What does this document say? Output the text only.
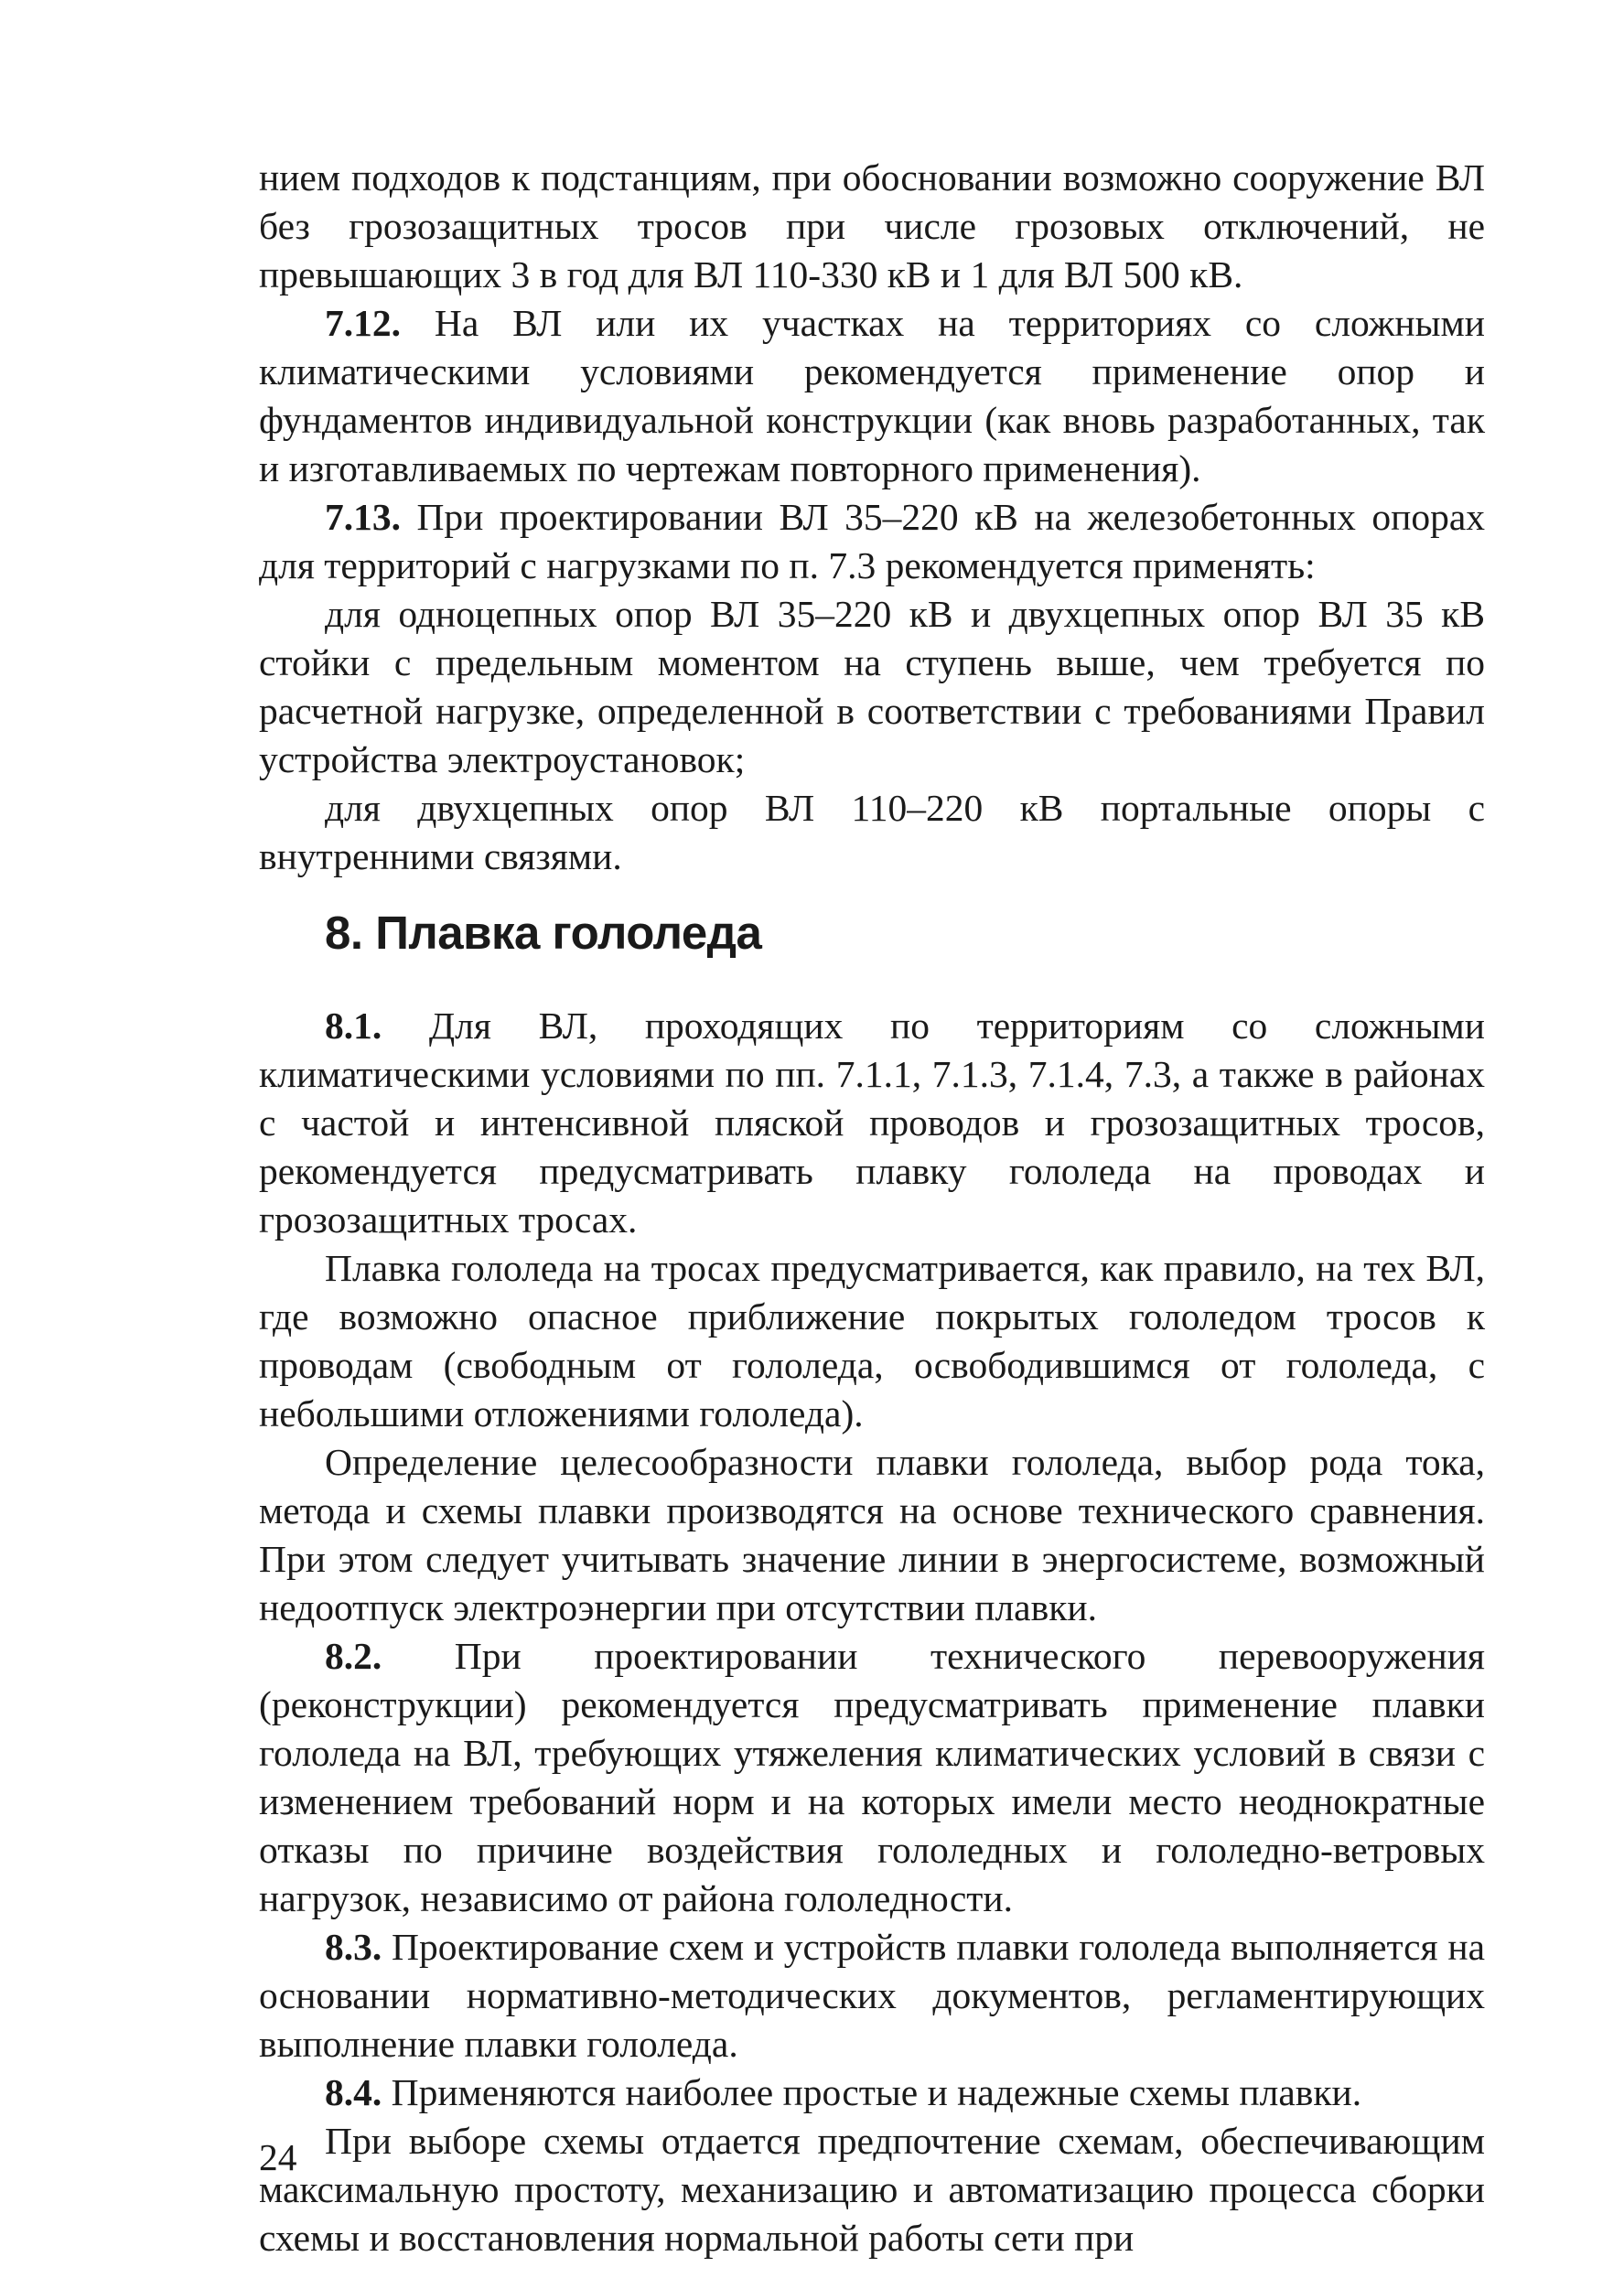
нием подходов к подстанциям, при обосновании возможно сооружение ВЛ без грозозащитных тросов при числе грозовых отключений, не превышающих 3 в год для ВЛ 110-330 кВ и 1 для ВЛ 500 кВ.

7.12. На ВЛ или их участках на территориях со сложными климатическими условиями рекомендуется применение опор и фундаментов индивидуальной конструкции (как вновь разработанных, так и изготавливаемых по чертежам повторного применения).

7.13. При проектировании ВЛ 35–220 кВ на железобетонных опорах для территорий с нагрузками по п. 7.3 рекомендуется применять:

для одноцепных опор ВЛ 35–220 кВ и двухцепных опор ВЛ 35 кВ стойки с предельным моментом на ступень выше, чем требуется по расчетной нагрузке, определенной в соответствии с требованиями Правил устройства электроустановок;

для двухцепных опор ВЛ 110–220 кВ портальные опоры с внутренними связями.

8. Плавка гололеда

8.1. Для ВЛ, проходящих по территориям со сложными климатическими условиями по пп. 7.1.1, 7.1.3, 7.1.4, 7.3, а также в районах с частой и интенсивной пляской проводов и грозозащитных тросов, рекомендуется предусматривать плавку гололеда на проводах и грозозащитных тросах.

Плавка гололеда на тросах предусматривается, как правило, на тех ВЛ, где возможно опасное приближение покрытых гололедом тросов к проводам (свободным от гололеда, освободившимся от гололеда, с небольшими отложениями гололеда).

Определение целесообразности плавки гололеда, выбор рода тока, метода и схемы плавки производятся на основе технического сравнения. При этом следует учитывать значение линии в энергосистеме, возможный недоотпуск электроэнергии при отсутствии плавки.

8.2. При проектировании технического перевооружения (реконструкции) рекомендуется предусматривать применение плавки гололеда на ВЛ, требующих утяжеления климатических условий в связи с изменением требований норм и на которых имели место неоднократные отказы по причине воздействия гололедных и гололедно-ветровых нагрузок, независимо от района гололедности.

8.3. Проектирование схем и устройств плавки гололеда выполняется на основании нормативно-методических документов, регламентирующих выполнение плавки гололеда.

8.4. Применяются наиболее простые и надежные схемы плавки.

При выборе схемы отдается предпочтение схемам, обеспечивающим максимальную простоту, механизацию и автоматизацию процесса сборки схемы и восстановления нормальной работы сети при

24
